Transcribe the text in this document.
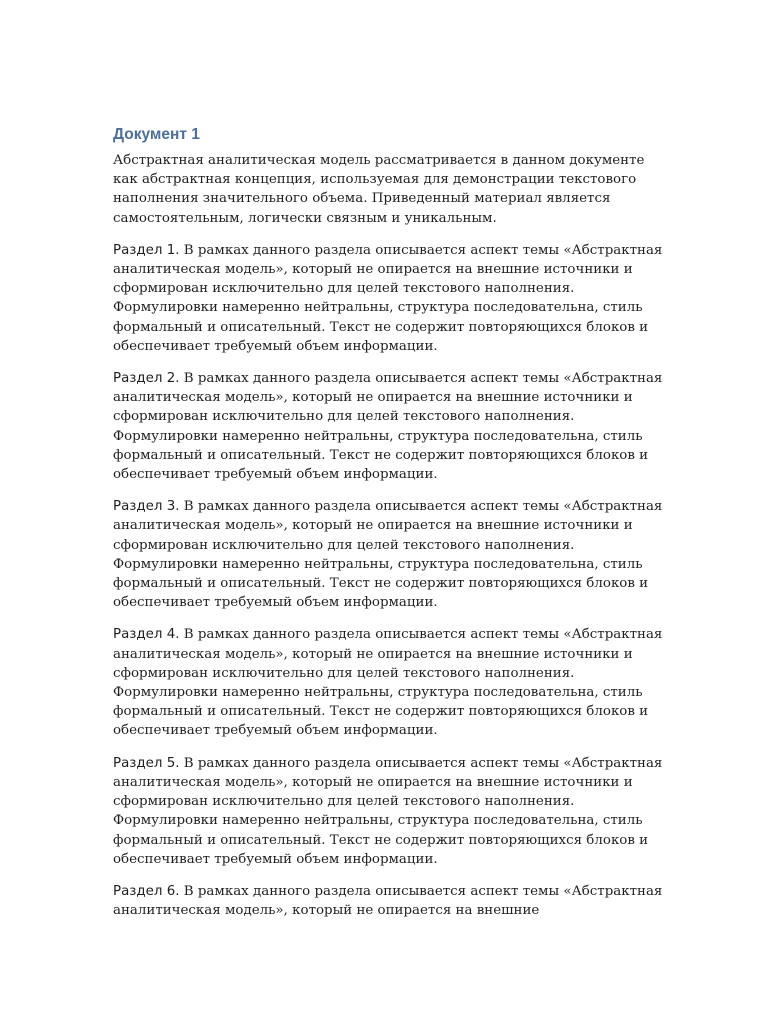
Документ 1

Абстрактная аналитическая модель рассматривается в данном документе как абстрактная концепция, используемая для демонстрации текстового наполнения значительного объема. Приведенный материал является самостоятельным, логически связным и уникальным.

Раздел 1. В рамках данного раздела описывается аспект темы «Абстрактная аналитическая модель», который не опирается на внешние источники и сформирован исключительно для целей текстового наполнения. Формулировки намеренно нейтральны, структура последовательна, стиль формальный и описательный. Текст не содержит повторяющихся блоков и обеспечивает требуемый объем информации.

Раздел 2. В рамках данного раздела описывается аспект темы «Абстрактная аналитическая модель», который не опирается на внешние источники и сформирован исключительно для целей текстового наполнения. Формулировки намеренно нейтральны, структура последовательна, стиль формальный и описательный. Текст не содержит повторяющихся блоков и обеспечивает требуемый объем информации.

Раздел 3. В рамках данного раздела описывается аспект темы «Абстрактная аналитическая модель», который не опирается на внешние источники и сформирован исключительно для целей текстового наполнения. Формулировки намеренно нейтральны, структура последовательна, стиль формальный и описательный. Текст не содержит повторяющихся блоков и обеспечивает требуемый объем информации.

Раздел 4. В рамках данного раздела описывается аспект темы «Абстрактная аналитическая модель», который не опирается на внешние источники и сформирован исключительно для целей текстового наполнения. Формулировки намеренно нейтральны, структура последовательна, стиль формальный и описательный. Текст не содержит повторяющихся блоков и обеспечивает требуемый объем информации.

Раздел 5. В рамках данного раздела описывается аспект темы «Абстрактная аналитическая модель», который не опирается на внешние источники и сформирован исключительно для целей текстового наполнения. Формулировки намеренно нейтральны, структура последовательна, стиль формальный и описательный. Текст не содержит повторяющихся блоков и обеспечивает требуемый объем информации.

Раздел 6. В рамках данного раздела описывается аспект темы «Абстрактная аналитическая модель», который не опирается на внешние
